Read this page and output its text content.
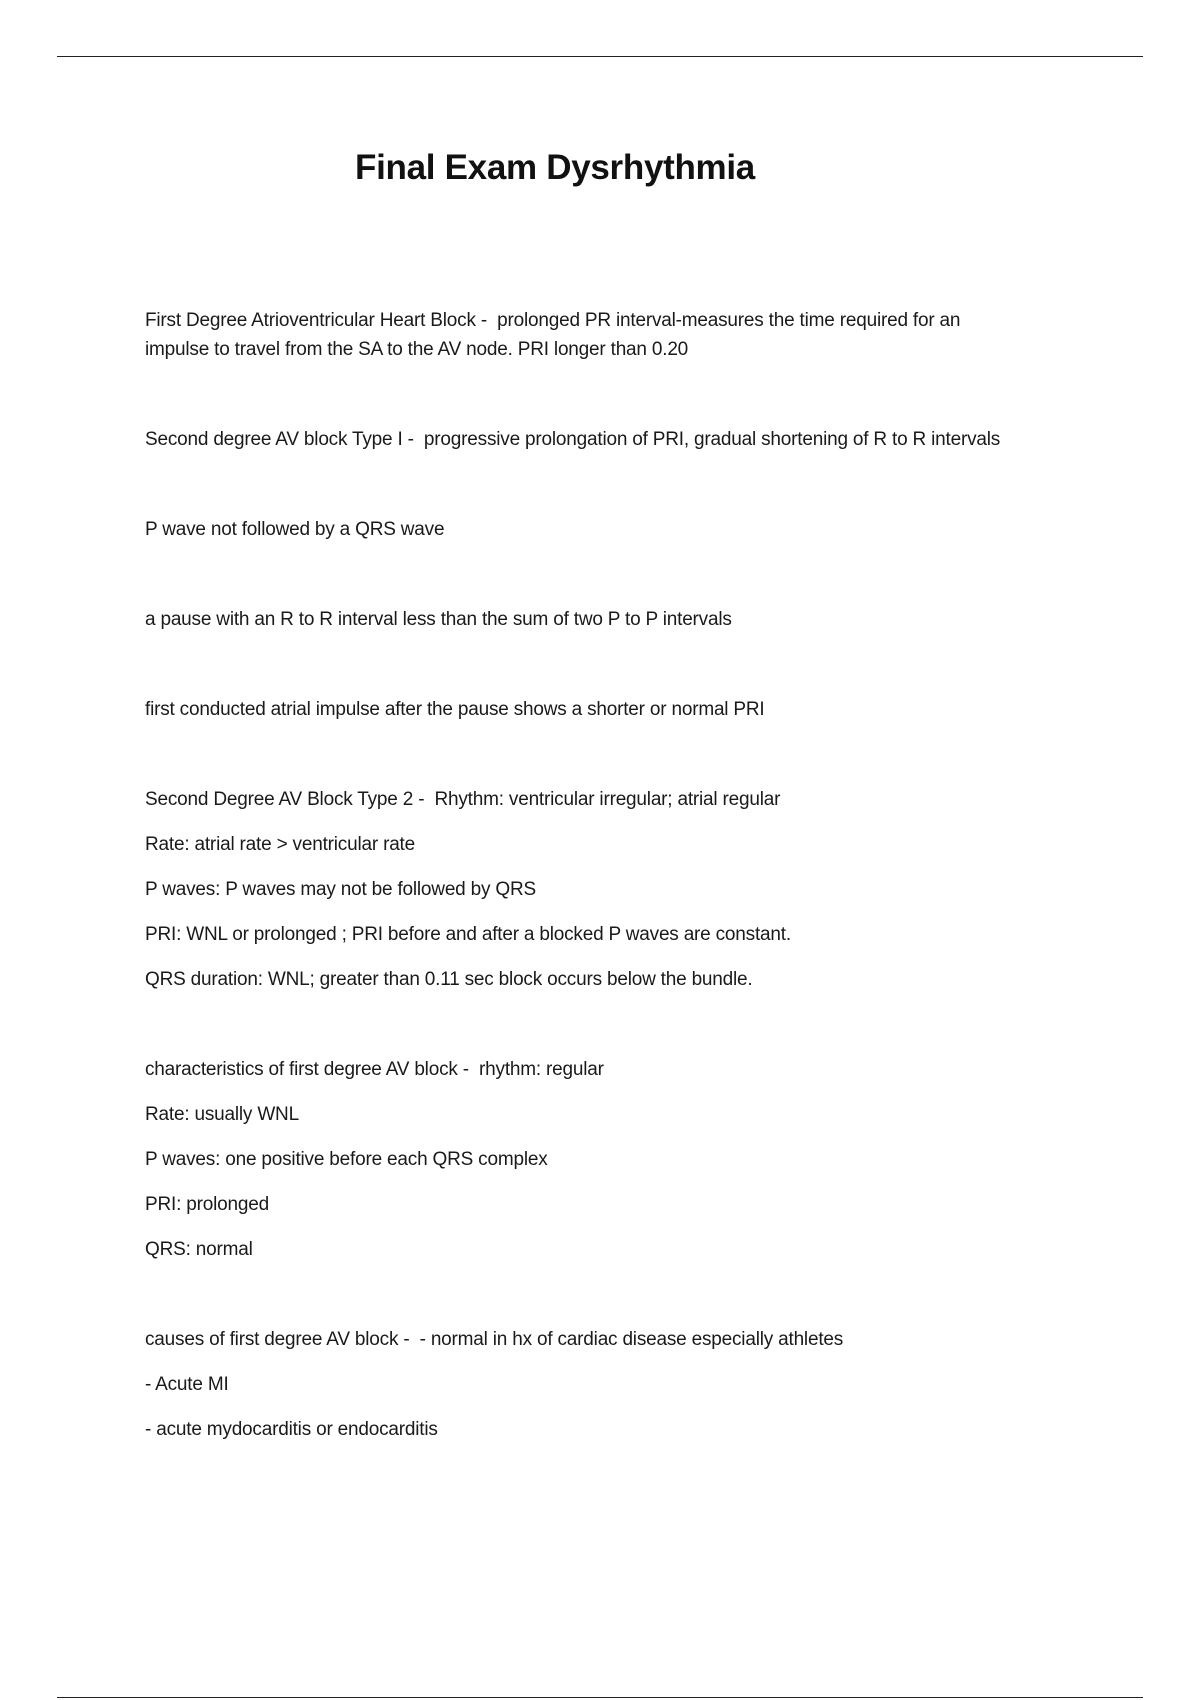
Final Exam Dysrhythmia
First Degree Atrioventricular Heart Block -  prolonged PR interval-measures the time required for an
impulse to travel from the SA to the AV node. PRI longer than 0.20
Second degree AV block Type I -  progressive prolongation of PRI, gradual shortening of R to R intervals
P wave not followed by a QRS wave
a pause with an R to R interval less than the sum of two P to P intervals
first conducted atrial impulse after the pause shows a shorter or normal PRI
Second Degree AV Block Type 2 -  Rhythm: ventricular irregular; atrial regular
Rate: atrial rate > ventricular rate
P waves: P waves may not be followed by QRS
PRI: WNL or prolonged ; PRI before and after a blocked P waves are constant.
QRS duration: WNL; greater than 0.11 sec block occurs below the bundle.
characteristics of first degree AV block -  rhythm: regular
Rate: usually WNL
P waves: one positive before each QRS complex
PRI: prolonged
QRS: normal
causes of first degree AV block -  - normal in hx of cardiac disease especially athletes
- Acute MI
- acute mydocarditis or endocarditis
